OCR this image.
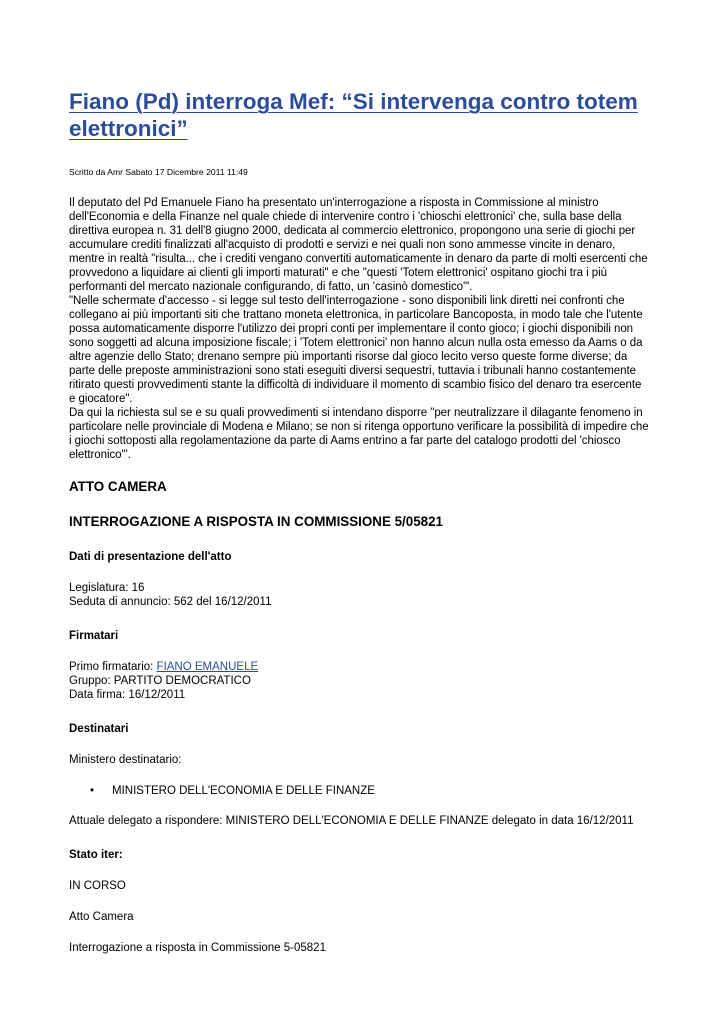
Fiano (Pd) interroga Mef: “Si intervenga contro totem elettronici”
Scritto da Amr Sabato 17 Dicembre 2011 11:49

Il deputato del Pd Emanuele Fiano ha presentato un'interrogazione a risposta in Commissione al ministro dell'Economia e della Finanze nel quale chiede di intervenire contro i 'chioschi elettronici' che, sulla base della direttiva europea n. 31 dell'8 giugno 2000, dedicata al commercio elettronico, propongono una serie di giochi per accumulare crediti finalizzati all'acquisto di prodotti e servizi e nei quali non sono ammesse vincite in denaro, mentre in realtà "risulta... che i crediti vengano convertiti automaticamente in denaro da parte di molti esercenti che provvedono a liquidare ai clienti gli importi maturati" e che "questi 'Totem elettronici' ospitano giochi tra i più performanti del mercato nazionale configurando, di fatto, un 'casinò domestico'".

"Nelle schermate d'accesso - si legge sul testo dell'interrogazione - sono disponibili link diretti nei confronti che collegano ai più importanti siti che trattano moneta elettronica, in particolare Bancoposta, in modo tale che l'utente possa automaticamente disporre l'utilizzo dei propri conti per implementare il conto gioco; i giochi disponibili non sono soggetti ad alcuna imposizione fiscale; i 'Totem elettronici' non hanno alcun nulla osta emesso da Aams o da altre agenzie dello Stato; drenano sempre più importanti risorse dal gioco lecito verso queste forme diverse; da parte delle preposte amministrazioni sono stati eseguiti diversi sequestri, tuttavia i tribunali hanno costantemente ritirato questi provvedimenti stante la difficoltà di individuare il momento di scambio fisico del denaro tra esercente e giocatore".

Da qui la richiesta sul se e su quali provvedimenti si intendano disporre "per neutralizzare il dilagante fenomeno in particolare nelle provinciale di Modena e Milano; se non si ritenga opportuno verificare la possibilità di impedire che i giochi sottoposti alla regolamentazione da parte di Aams entrino a far parte del catalogo prodotti del 'chiosco elettronico'".

ATTO CAMERA
INTERROGAZIONE A RISPOSTA IN COMMISSIONE 5/05821
Dati di presentazione dell'atto
Legislatura: 16
Seduta di annuncio: 562 del 16/12/2011
Firmatari
Primo firmatario: FIANO EMANUELE
Gruppo: PARTITO DEMOCRATICO
Data firma: 16/12/2011
Destinatari
Ministero destinatario:
• MINISTERO DELL'ECONOMIA E DELLE FINANZE
Attuale delegato a rispondere: MINISTERO DELL'ECONOMIA E DELLE FINANZE delegato in data 16/12/2011
Stato iter:
IN CORSO
Atto Camera
Interrogazione a risposta in Commissione 5-05821
